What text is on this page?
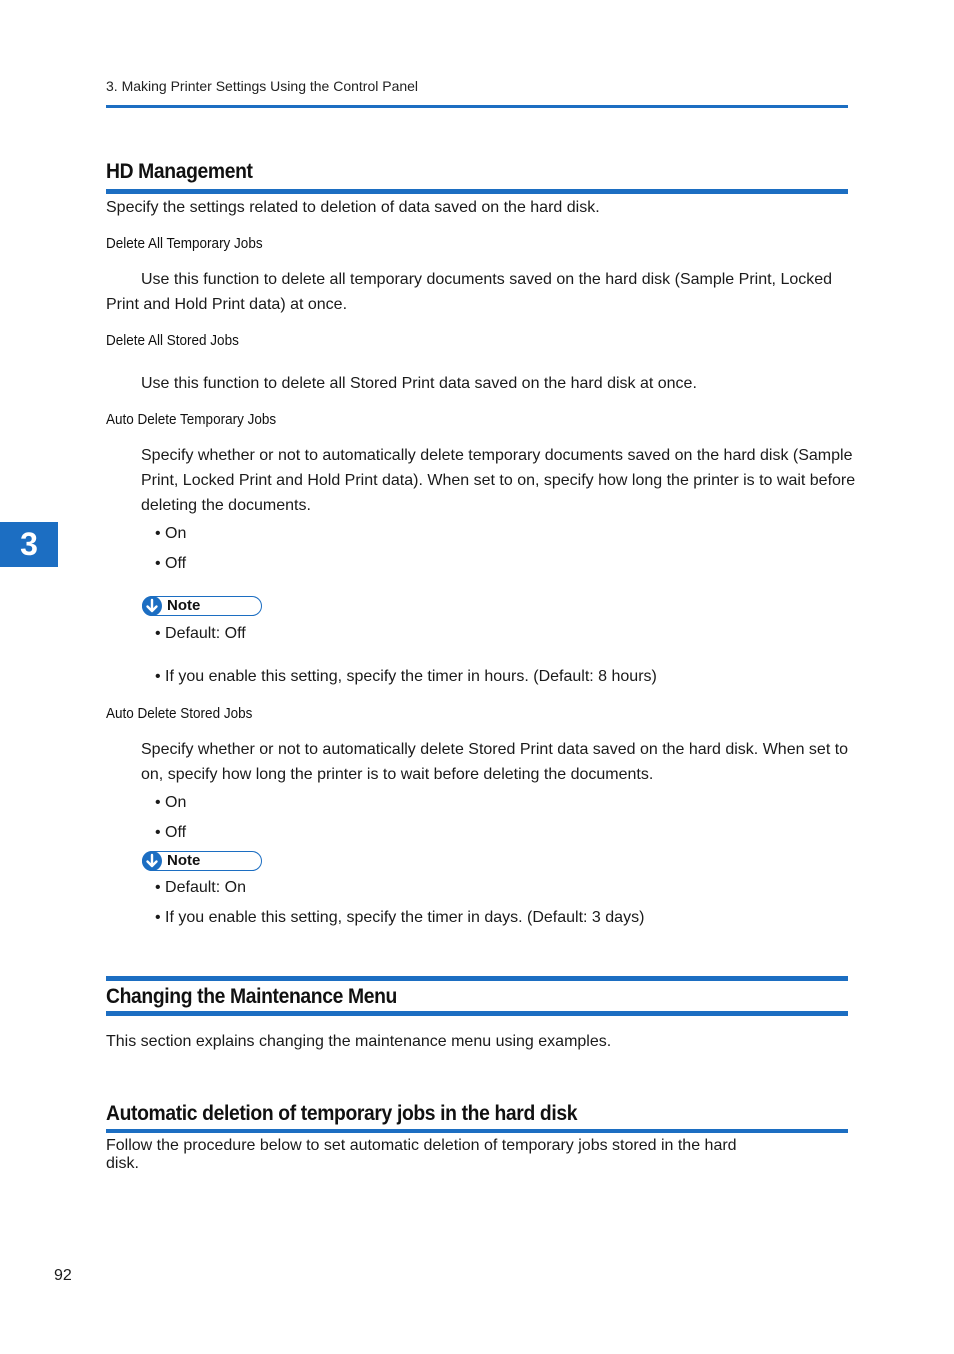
3. Making Printer Settings Using the Control Panel
3
HD Management
Specify the settings related to deletion of data saved on the hard disk.
Delete All Temporary Jobs
Use this function to delete all temporary documents saved on the hard disk (Sample Print, Locked
Print and Hold Print data) at once.
Delete All Stored Jobs
Use this function to delete all Stored Print data saved on the hard disk at once.
Auto Delete Temporary Jobs
Specify whether or not to automatically delete temporary documents saved on the hard disk (Sample
Print, Locked Print and Hold Print data). When set to on, specify how long the printer is to wait before
deleting the documents.
• On
• Off
Note
• Default: Off
• If you enable this setting, specify the timer in hours. (Default: 8 hours)
Auto Delete Stored Jobs
Specify whether or not to automatically delete Stored Print data saved on the hard disk. When set to
on, specify how long the printer is to wait before deleting the documents.
• On
• Off
Note
• Default: On
• If you enable this setting, specify the timer in days. (Default: 3 days)
Changing the Maintenance Menu
This section explains changing the maintenance menu using examples.
Automatic deletion of temporary jobs in the hard disk
Follow the procedure below to set automatic deletion of temporary jobs stored in the hard
disk.
92
